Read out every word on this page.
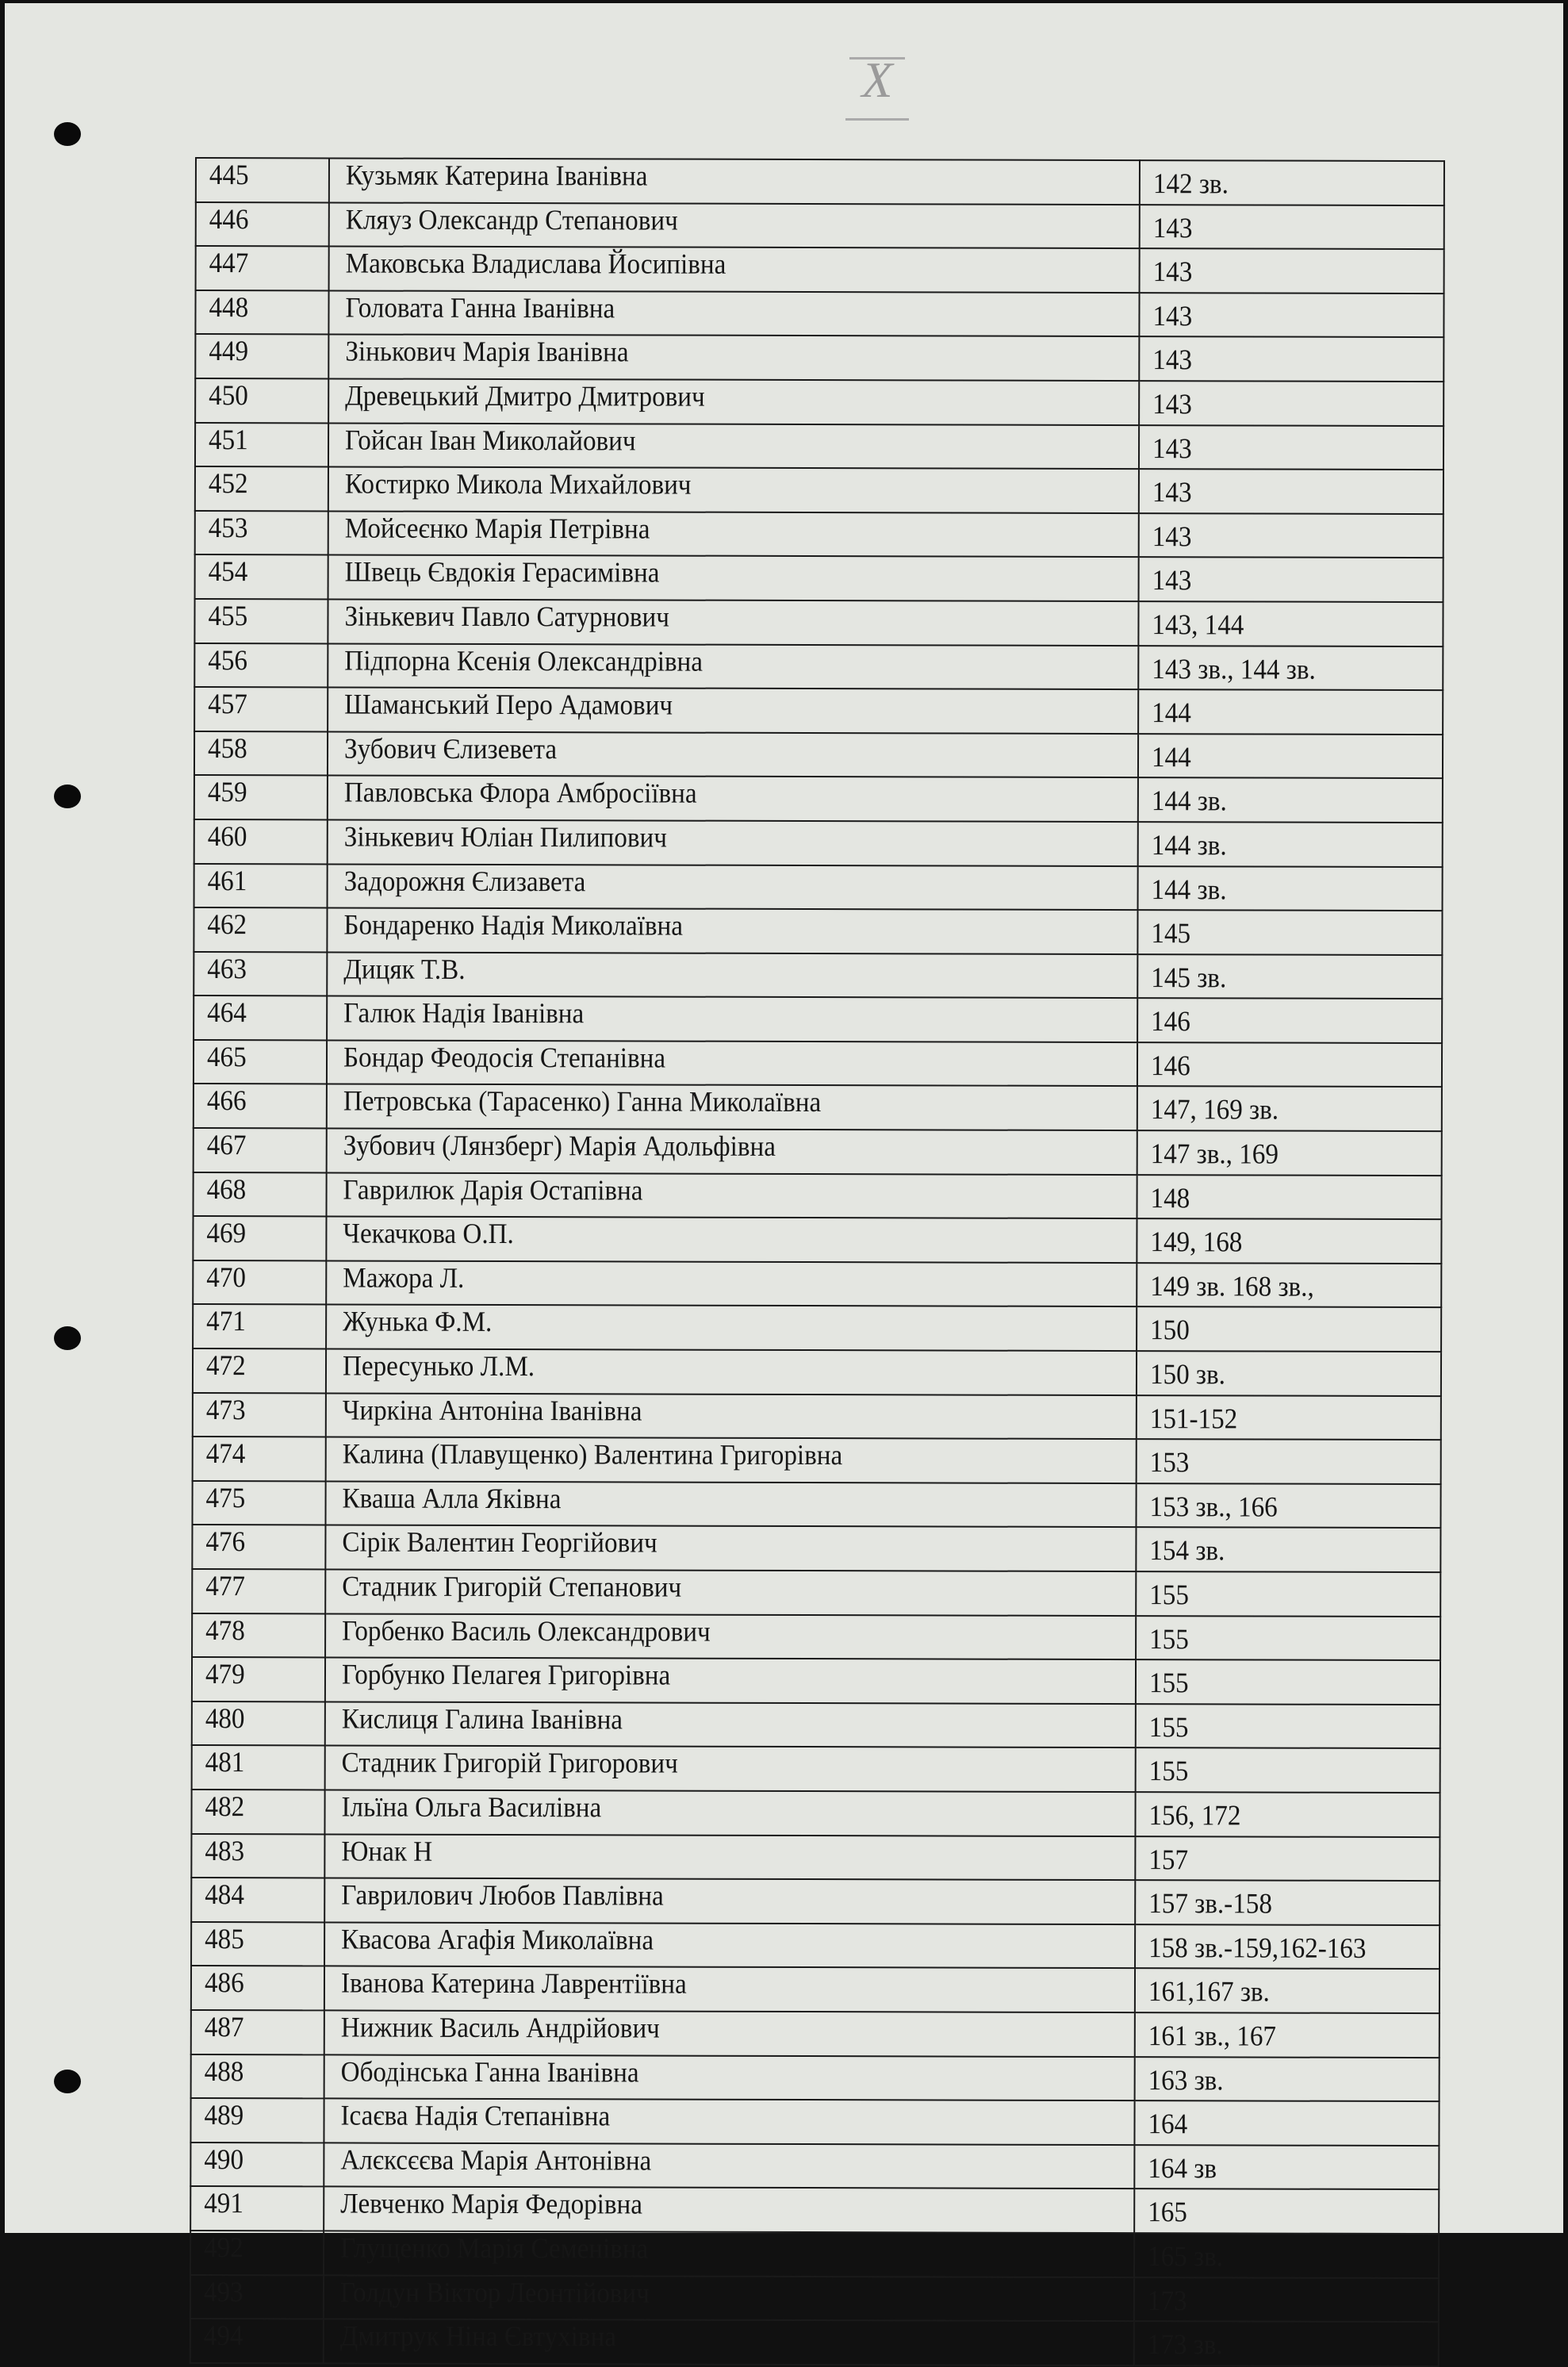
X
445	Кузьмяк Катерина Іванівна	142 зв.
446	Кляуз Олександр Степанович	143
447	Маковська Владислава Йосипівна	143
448	Головата Ганна Іванівна	143
449	Зінькович Марія Іванівна	143
450	Древецький Дмитро Дмитрович	143
451	Гойсан Іван Миколайович	143
452	Костирко Микола Михайлович	143
453	Мойсеєнко Марія Петрівна	143
454	Швець Євдокія Герасимівна	143
455	Зінькевич Павло Сатурнович	143, 144
456	Підпорна Ксенія Олександрівна	143 зв., 144 зв.
457	Шаманський Перо Адамович	144
458	Зубович Єлизевета	144
459	Павловська Флора Амбросіївна	144 зв.
460	Зінькевич Юліан Пилипович	144 зв.
461	Задорожня Єлизавета	144 зв.
462	Бондаренко Надія Миколаївна	145
463	Дицяк Т.В.	145 зв.
464	Галюк Надія Іванівна	146
465	Бондар Феодосія Степанівна	146
466	Петровська (Тарасенко) Ганна Миколаївна	147, 169 зв.
467	Зубович (Лянзберг) Марія Адольфівна	147 зв., 169
468	Гаврилюк Дарія Остапівна	148
469	Чекачкова О.П.	149, 168
470	Мажора Л.	149 зв. 168 зв.,
471	Жунька Ф.М.	150
472	Пересунько Л.М.	150 зв.
473	Чиркіна Антоніна Іванівна	151-152
474	Калина (Плавущенко) Валентина Григорівна	153
475	Кваша Алла Яківна	153 зв., 166
476	Сірік Валентин Георгійович	154 зв.
477	Стадник Григорій Степанович	155
478	Горбенко Василь Олександрович	155
479	Горбунко Пелагея Григорівна	155
480	Кислиця Галина Іванівна	155
481	Стадник Григорій Григорович	155
482	Ільїна Ольга Василівна	156, 172
483	Юнак Н	157
484	Гаврилович Любов Павлівна	157 зв.-158
485	Квасова Агафія Миколаївна	158 зв.-159,162-163
486	Іванова Катерина Лаврентіївна	161,167 зв.
487	Нижник Василь Андрійович	161 зв., 167
488	Ободінська Ганна Іванівна	163 зв.
489	Ісаєва Надія Степанівна	164
490	Алєксєєва Марія Антонівна	164 зв
491	Левченко Марія Федорівна	165
492	Глущенко Марія Семенівна	165 зв.
493	Голдун Віктор Леонтійович	173
494	Дмитрук Ніна Євтухівна	173 зв.
